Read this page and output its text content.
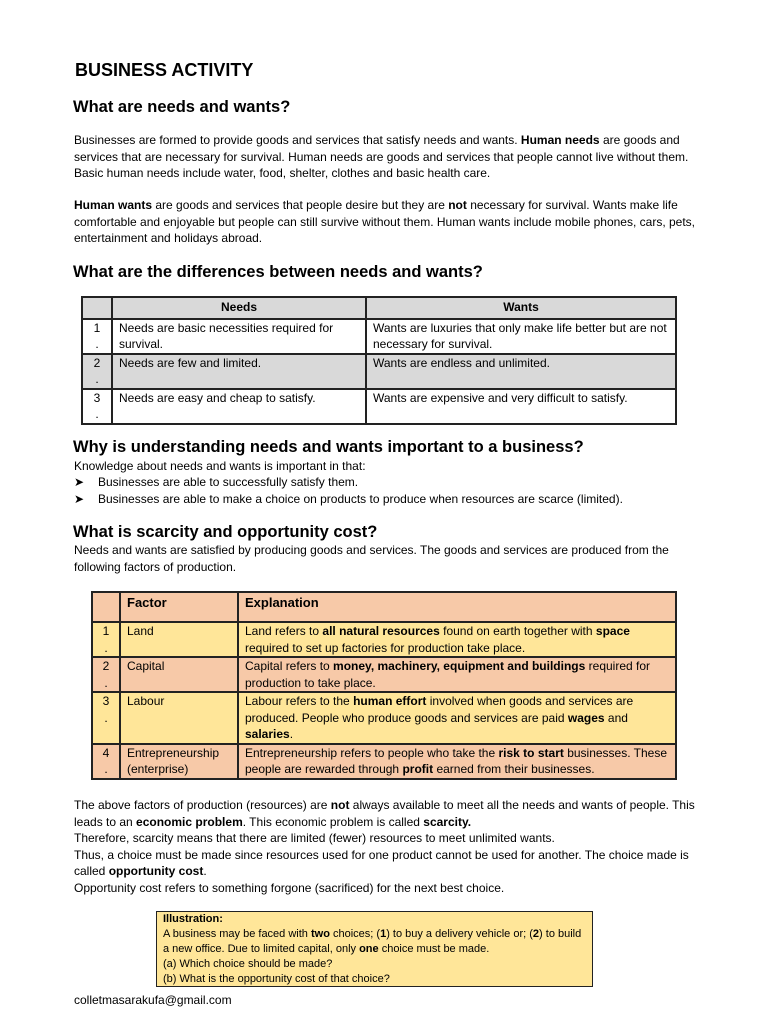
BUSINESS ACTIVITY
What are needs and wants?

Businesses are formed to provide goods and services that satisfy needs and wants. Human needs are goods and services that are necessary for survival. Human needs are goods and services that people cannot live without them. Basic human needs include water, food, shelter, clothes and basic health care.

Human wants are goods and services that people desire but they are not necessary for survival. Wants make life comfortable and enjoyable but people can still survive without them. Human wants include mobile phones, cars, pets, entertainment and holidays abroad.

What are the differences between needs and wants?
	Needs	Wants
1
.	Needs are basic necessities required for survival.	Wants are luxuries that only make life better but are not necessary for survival.
2
.	Needs are few and limited.	Wants are endless and unlimited.
3
.	Needs are easy and cheap to satisfy.	Wants are expensive and very difficult to satisfy.
Why is understanding needs and wants important to a business?
Knowledge about needs and wants is important in that:
➤ Businesses are able to successfully satisfy them.
➤ Businesses are able to make a choice on products to produce when resources are scarce (limited).
What is scarcity and opportunity cost?
Needs and wants are satisfied by producing goods and services. The goods and services are produced from the following factors of production.
	Factor	Explanation
1
.	Land	Land refers to all natural resources found on earth together with space required to set up factories for production take place.
2
.	Capital	Capital refers to money, machinery, equipment and buildings required for production to take place.
3
.	Labour	Labour refers to the human effort involved when goods and services are produced. People who produce goods and services are paid wages and salaries.
4
.	Entrepreneurship (enterprise)	Entrepreneurship refers to people who take the risk to start businesses. These people are rewarded through profit earned from their businesses.

The above factors of production (resources) are not always available to meet all the needs and wants of people. This leads to an economic problem. This economic problem is called scarcity.

Therefore, scarcity means that there are limited (fewer) resources to meet unlimited wants.

Thus, a choice must be made since resources used for one product cannot be used for another. The choice made is called opportunity cost.

Opportunity cost refers to something forgone (sacrificed) for the next best choice.

Illustration:
A business may be faced with two choices; (1) to buy a delivery vehicle or; (2) to build a new office. Due to limited capital, only one choice must be made.
(a) Which choice should be made?
(b) What is the opportunity cost of that choice?
colletmasarakufa@gmail.com
